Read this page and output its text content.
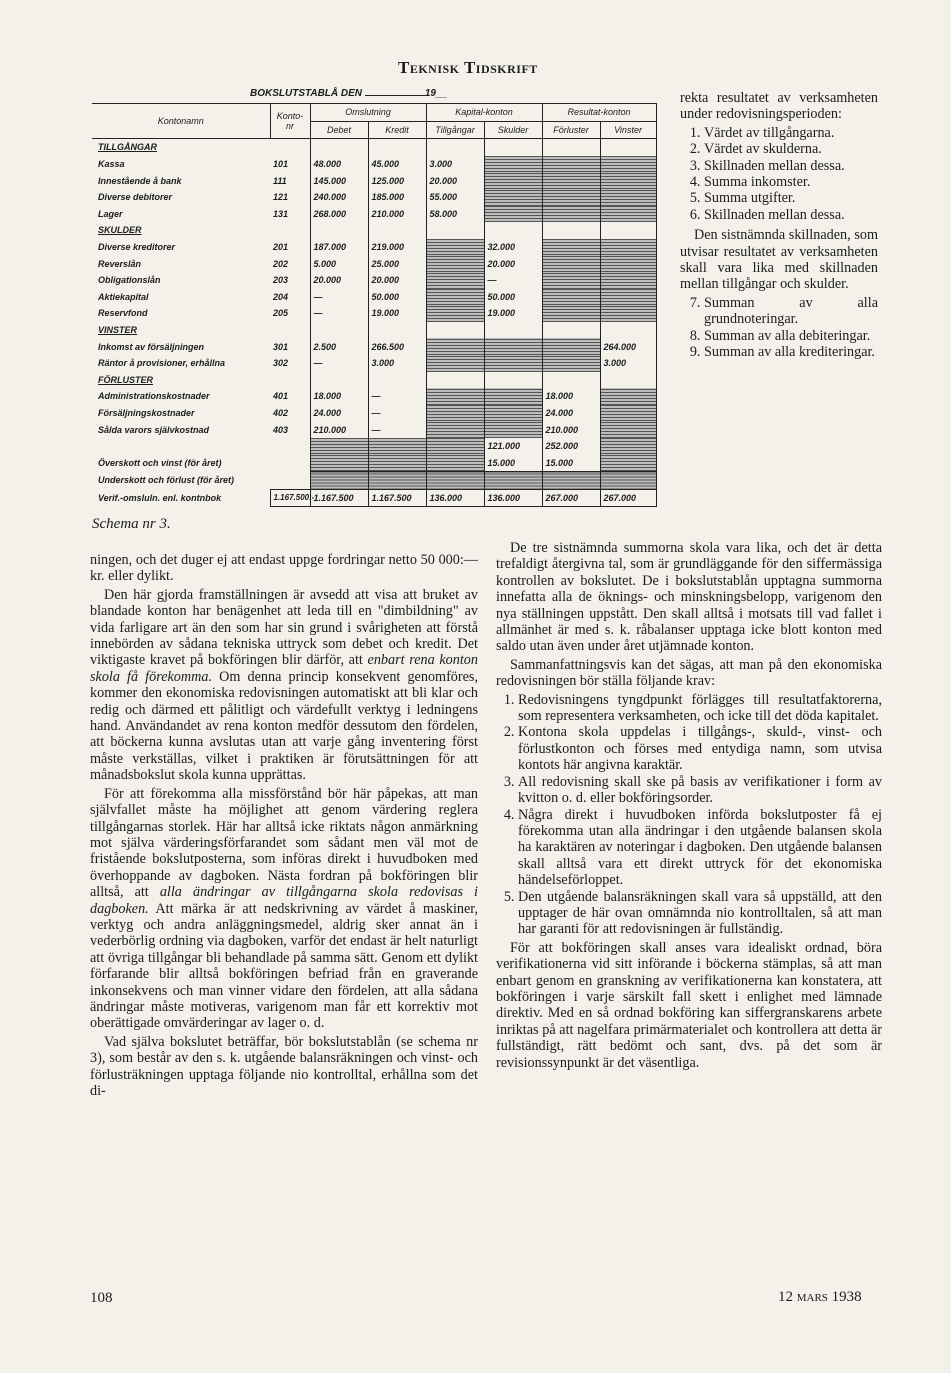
Teknisk Tidskrift
BOKSLUTSTABLÅ DEN	19__
Kontonamn	Konto-nr	Omslutning		Kapital-konton		Resultat-konton	
		Debet	Kredit	Tillgångar	Skulder	Förluster	Vinster
TILLGÅNGAR							
Kassa	101	48.000	45.000	3.000			
Innestående å bank	111	145.000	125.000	20.000			
Diverse debitorer	121	240.000	185.000	55.000			
Lager	131	268.000	210.000	58.000			
SKULDER							
Diverse kreditorer	201	187.000	219.000		32.000		
Reverslån	202	5.000	25.000		20.000		
Obligationslån	203	20.000	20.000		—		
Aktiekapital	204	—	50.000		50.000		
Reservfond	205	—	19.000		19.000		
VINSTER							
Inkomst av försäljningen	301	2.500	266.500				264.000
Räntor å provisioner, erhållna	302	—	3.000				3.000
FÖRLUSTER							
Administrationskostnader	401	18.000	—			18.000	
Försäljningskostnader	402	24.000	—			24.000	
Sålda varors självkostnad	403	210.000	—			210.000	
					121.000	252.000	
Överskott och vinst (för året)					15.000	15.000	
Underskott och förlust (för året)							
Verif.-omsluln. enl. kontnbok	1.167.500:-	1.167.500	1.167.500	136.000	136.000	267.000	267.000
Schema nr 3.

rekta resultatet av verksamheten under redovisningsperioden:

1. Värdet av tillgångarna.
2. Värdet av skulderna.
3. Skillnaden mellan dessa.
4. Summa inkomster.
5. Summa utgifter.
6. Skillnaden mellan dessa.

Den sistnämnda skillnaden, som utvisar resultatet av verksamheten skall vara lika med skillnaden mellan tillgångar och skulder.

7. Summan av alla grundnoteringar.
8. Summan av alla debiteringar.
9. Summan av alla krediteringar.

ningen, och det duger ej att endast uppge fordringar netto 50 000:— kr. eller dylikt.

Den här gjorda framställningen är avsedd att visa att bruket av blandade konton har benägenhet att leda till en "dimbildning" av vida farligare art än den som har sin grund i svårigheten att förstå innebörden av sådana tekniska uttryck som debet och kredit. Det viktigaste kravet på bokföringen blir därför, att enbart rena konton skola få förekomma. Om denna princip konsekvent genomföres, kommer den ekonomiska redovisningen automatiskt att bli klar och redig och därmed ett pålitligt och värdefullt verktyg i ledningens hand. Användandet av rena konton medför dessutom den fördelen, att böckerna kunna avslutas utan att varje gång inventering först måste verkställas, vilket i praktiken är förutsättningen för att månadsbokslut skola kunna upprättas.

För att förekomma alla missförstånd bör här påpekas, att man självfallet måste ha möjlighet att genom värdering reglera tillgångarnas storlek. Här har alltså icke riktats någon anmärkning mot själva värderingsförfarandet som sådant men väl mot de fristående bokslutposterna, som införas direkt i huvudboken med överhoppande av dagboken. Nästa fordran på bokföringen blir alltså, att alla ändringar av tillgångarna skola redovisas i dagboken. Att märka är att nedskrivning av värdet å maskiner, verktyg och andra anläggningsmedel, aldrig sker annat än i vederbörlig ordning via dagboken, varför det endast är helt naturligt att övriga tillgångar bli behandlade på samma sätt. Genom ett dylikt förfarande blir alltså bokföringen befriad från en graverande inkonsekvens och man vinner vidare den fördelen, att alla sådana ändringar måste motiveras, varigenom man får ett korrektiv mot oberättigade omvärderingar av lager o. d.

Vad själva bokslutet beträffar, bör bokslutstablån (se schema nr 3), som består av den s. k. utgående balansräkningen och vinst- och förlusträkningen upptaga följande nio kontrolltal, erhållna som det di-

De tre sistnämnda summorna skola vara lika, och det är detta trefaldigt återgivna tal, som är grundläggande för den siffermässiga kontrollen av bokslutet. De i bokslutstablån upptagna summorna innefatta alla de öknings- och minskningsbelopp, varigenom den nya ställningen uppstått. Den skall alltså i motsats till vad fallet i allmänhet är med s. k. råbalanser upptaga icke blott konton med saldo utan även under året utjämnade konton.

Sammanfattningsvis kan det sägas, att man på den ekonomiska redovisningen bör ställa följande krav:

1. Redovisningens tyngdpunkt förlägges till resultatfaktorerna, som representera verksamheten, och icke till det döda kapitalet.
2. Kontona skola uppdelas i tillgångs-, skuld-, vinst- och förlustkonton och förses med entydiga namn, som utvisa kontots här angivna karaktär.
3. All redovisning skall ske på basis av verifikationer i form av kvitton o. d. eller bokföringsorder.
4. Några direkt i huvudboken införda bokslutposter få ej förekomma utan alla ändringar i den utgående balansen skola ha karaktären av noteringar i dagboken. Den utgående balansen skall alltså vara ett direkt uttryck för det ekonomiska händelseförloppet.
5. Den utgående balansräkningen skall vara så uppställd, att den upptager de här ovan omnämnda nio kontrolltalen, så att man har garanti för att redovisningen är fullständig.

För att bokföringen skall anses vara idealiskt ordnad, böra verifikationerna vid sitt införande i böckerna stämplas, så att man enbart genom en granskning av verifikationerna kan konstatera, att bokföringen i varje särskilt fall skett i enlighet med lämnade direktiv. Med en så ordnad bokföring kan siffergranskarens arbete inriktas på att nagelfara primärmaterialet och kontrollera att detta är fullständigt, rätt bedömt och sant, dvs. på det som är revisionssynpunkt är det väsentliga.

108	12 mars 1938
